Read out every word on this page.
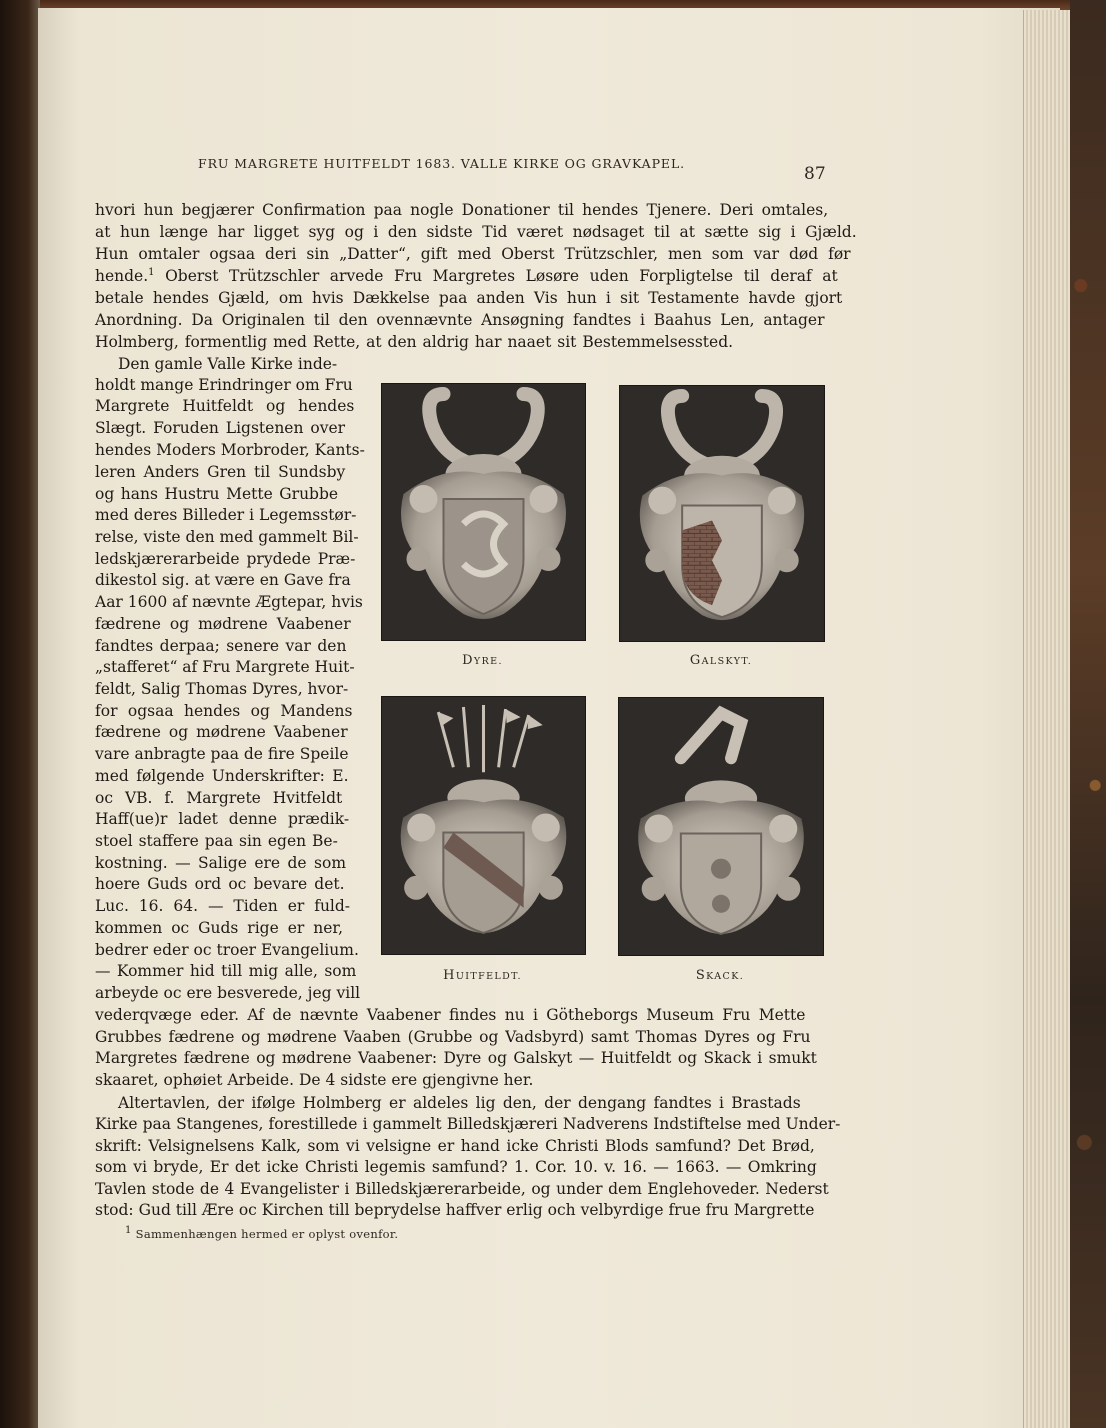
FRU MARGRETE HUITFELDT 1683. VALLE KIRKE OG GRAVKAPEL.
87
hvori hun begjærer Confirmation paa nogle Donationer til hendes Tjenere. Deri omtales,
at hun længe har ligget syg og i den sidste Tid været nødsaget til at sætte sig i Gjæld.
Hun omtaler ogsaa deri sin „Datter“, gift med Oberst Trützschler, men som var død før
hende.$^1$ Oberst Trützschler arvede Fru Margretes Løsøre uden Forpligtelse til deraf at
betale hendes Gjæld, om hvis Dækkelse paa anden Vis hun i sit Testamente havde gjort
Anordning. Da Originalen til den ovennævnte Ansøgning fandtes i Baahus Len, antager
Holmberg, formentlig med Rette, at den aldrig har naaet sit Bestemmelsessted.
Den gamle Valle Kirke inde-
holdt mange Erindringer om Fru
Margrete Huitfeldt og hendes
Slægt. Foruden Ligstenen over
hendes Moders Morbroder, Kants-
leren Anders Gren til Sundsby
og hans Hustru Mette Grubbe
med deres Billeder i Legemsstør-
relse, viste den med gammelt Bil-
ledskjærerarbeide prydede Præ-
dikestol sig. at være en Gave fra
Aar 1600 af nævnte Ægtepar, hvis
fædrene og mødrene Vaabener
fandtes derpaa; senere var den
„stafferet“ af Fru Margrete Huit-
feldt, Salig Thomas Dyres, hvor-
for ogsaa hendes og Mandens
fædrene og mødrene Vaabener
vare anbragte paa de fire Speile
med følgende Underskrifter: E.
oc VB. f. Margrete Hvitfeldt
Haff(ue)r ladet denne prædik-
stoel staffere paa sin egen Be-
kostning. — Salige ere de som
hoere Guds ord oc bevare det.
Luc. 16. 64. — Tiden er fuld-
kommen oc Guds rige er ner,
bedrer eder oc troer Evangelium.
— Kommer hid till mig alle, som
arbeyde oc ere besverede, jeg vill
DYRE.	GALSKYT.
HUITFELDT.	SKACK.
vederqvæge eder. Af de nævnte Vaabener findes nu i Götheborgs Museum Fru Mette
Grubbes fædrene og mødrene Vaaben (Grubbe og Vadsbyrd) samt Thomas Dyres og Fru
Margretes fædrene og mødrene Vaabener: Dyre og Galskyt — Huitfeldt og Skack i smukt
skaaret, ophøiet Arbeide. De 4 sidste ere gjengivne her.
Altertavlen, der ifølge Holmberg er aldeles lig den, der dengang fandtes i Brastads
Kirke paa Stangenes, forestillede i gammelt Billedskjæreri Nadverens Indstiftelse med Under-
skrift: Velsignelsens Kalk, som vi velsigne er hand icke Christi Blods samfund? Det Brød,
som vi bryde, Er det icke Christi legemis samfund? 1. Cor. 10. v. 16. — 1663. — Omkring
Tavlen stode de 4 Evangelister i Billedskjærerarbeide, og under dem Englehoveder. Nederst
stod: Gud till Ære oc Kirchen till beprydelse haffver erlig och velbyrdige frue fru Margrette
1 Sammenhængen hermed er oplyst ovenfor.
